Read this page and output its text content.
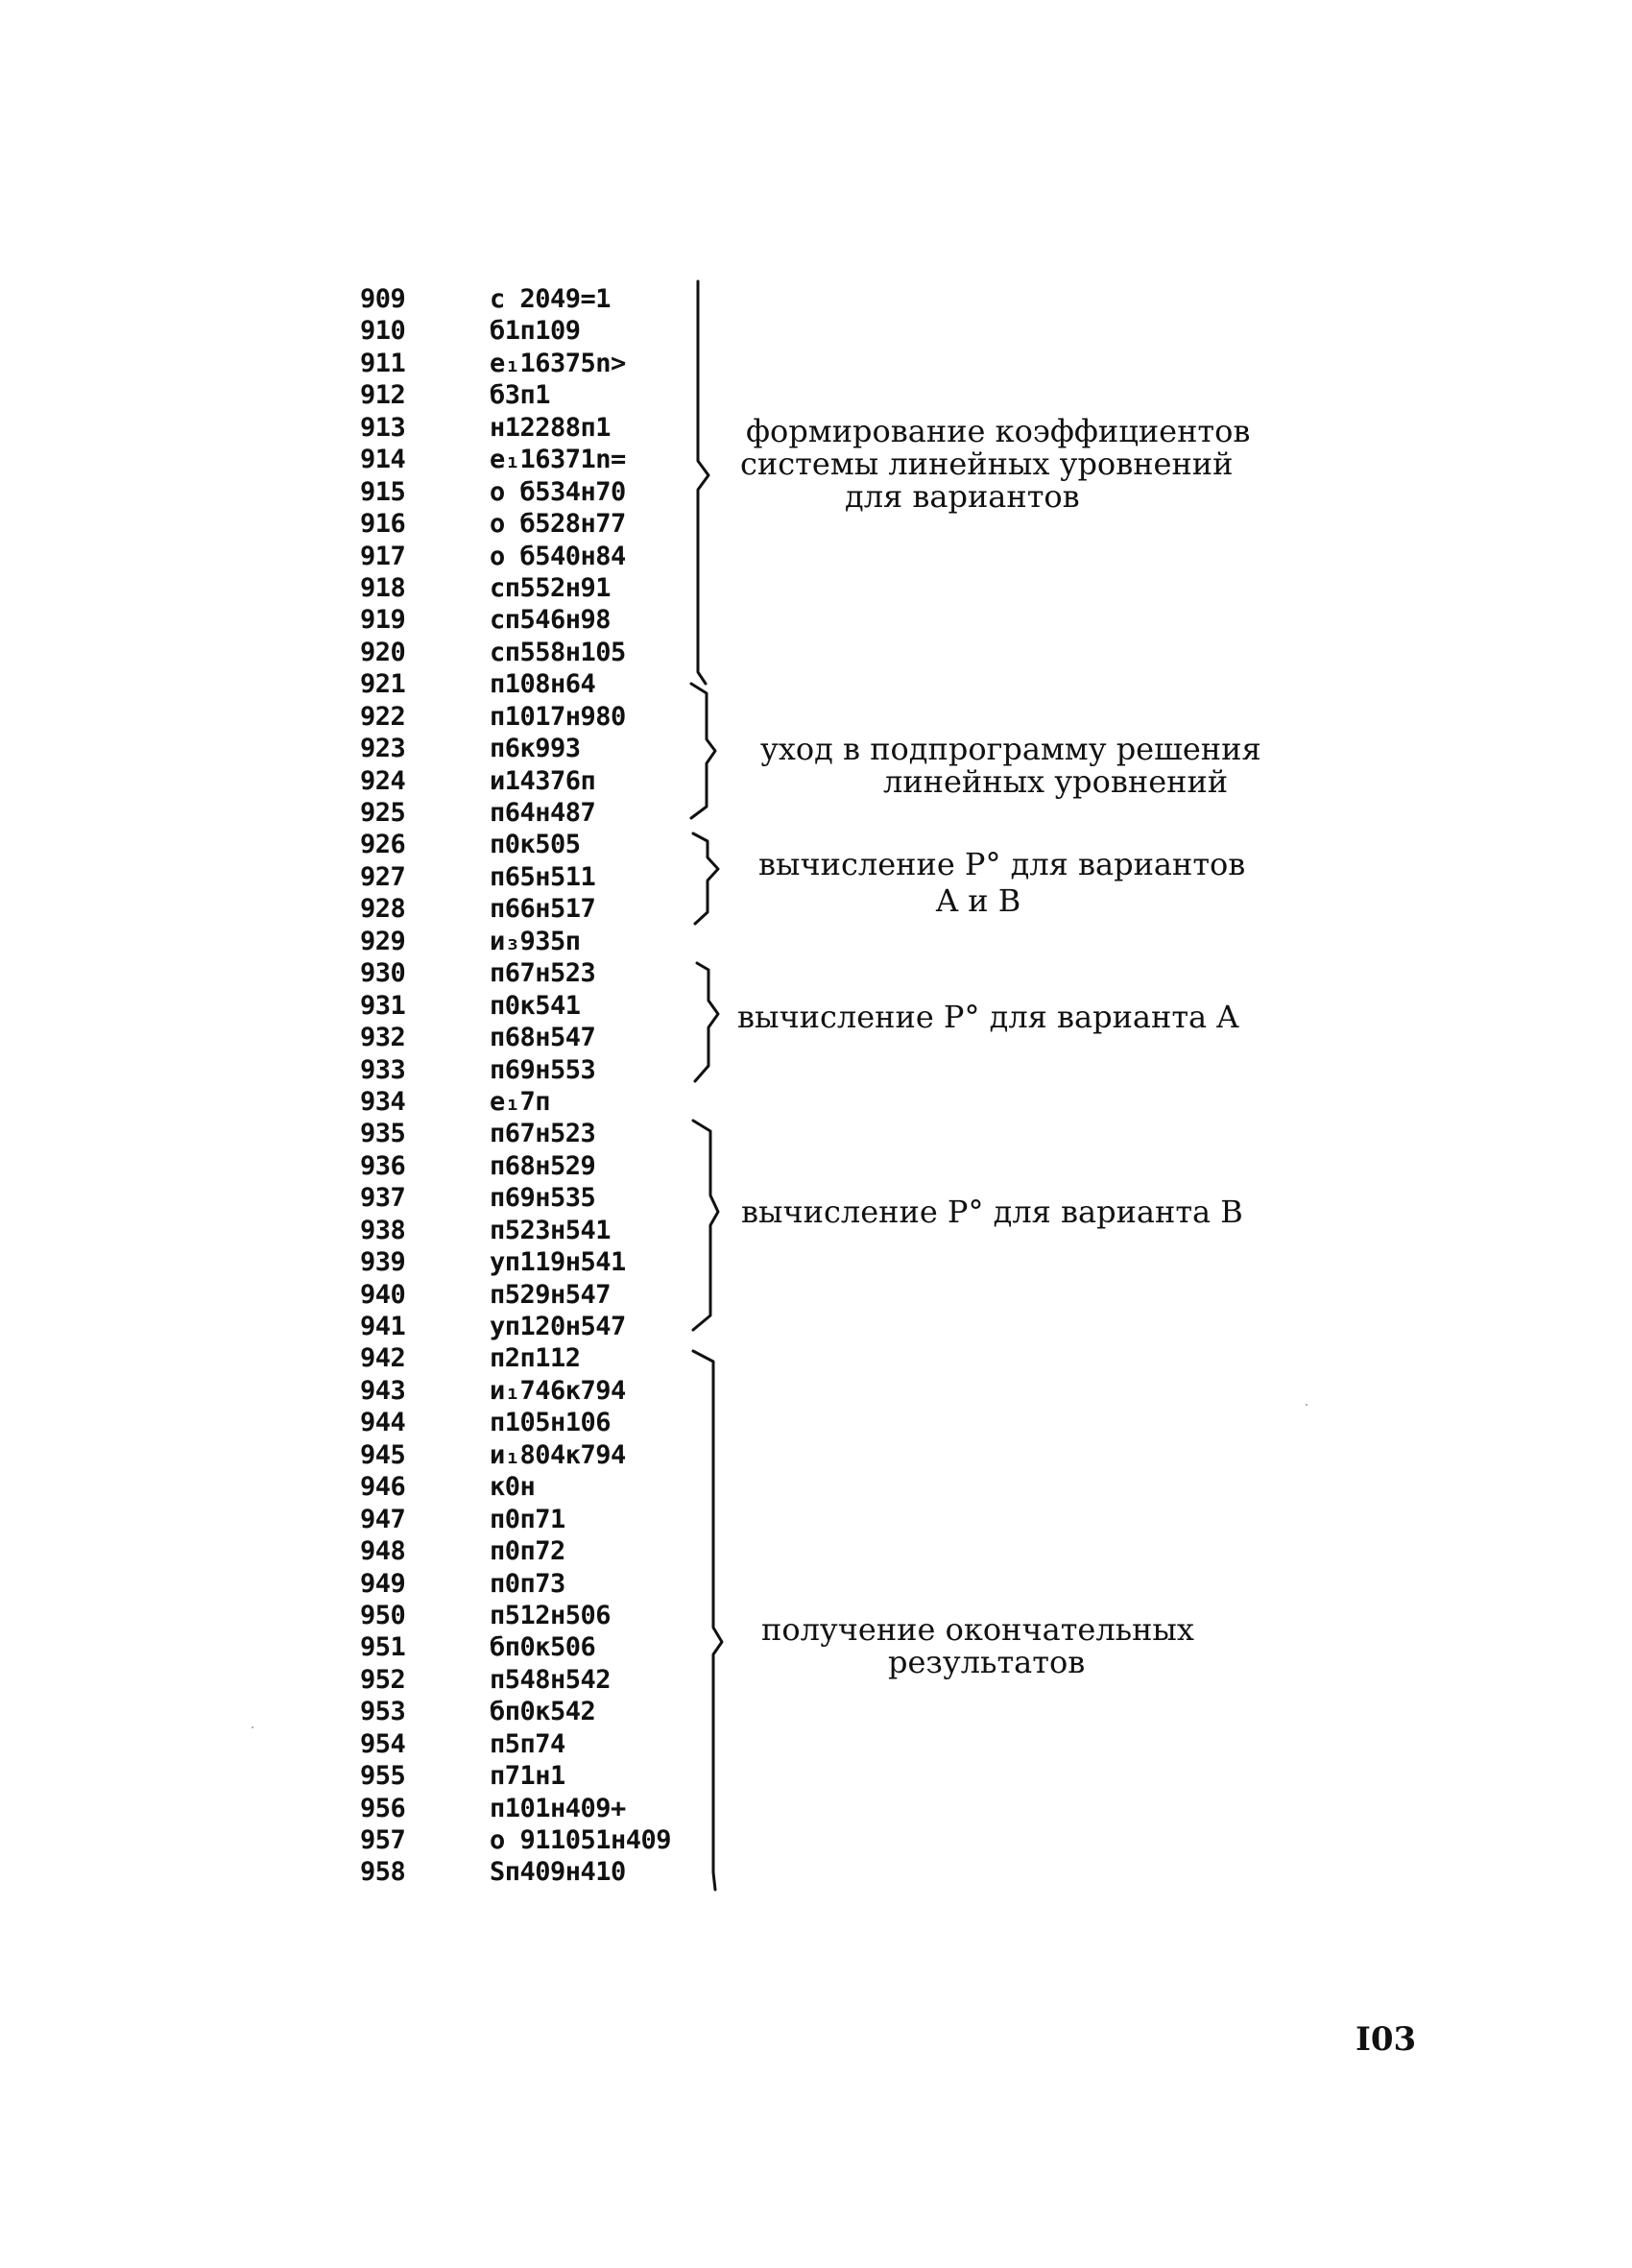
909	c 2049=1
910	б1п109
911	e₁16375n>
912	б3п1
913	н12288п1
914	e₁16371n=
915	o б534н70
916	o б528н77
917	o б540н84
918	cп552н91
919	cп546н98
920	cп558н105
921	п108н64
922	п1017н980
923	п6к993
924	и14376п
925	п64н487
926	п0к505
927	п65н511
928	п66н517
929	и₃935п
930	п67н523
931	п0к541
932	п68н547
933	п69н553
934	e₁7п
935	п67н523
936	п68н529
937	п69н535
938	п523н541
939	уп119н541
940	п529н547
941	уп120н547
942	п2п112
943	и₁746к794
944	п105н106
945	и₁804к794
946	к0н
947	п0п71
948	п0п72
949	п0п73
950	п512н506
951	бп0к506
952	п548н542
953	бп0к542
954	п5п74
955	п71н1
956	п101н409+
957	o 911051н409
958	Sп409н410
формирование коэффициентов
системы линейных уровнений
для вариантов
уход в подпрограмму решения
линейных уровнений
вычисление P° для вариантов
A и B
вычисление P° для варианта A
вычисление P° для варианта B
получение окончательных
результатов
I03
